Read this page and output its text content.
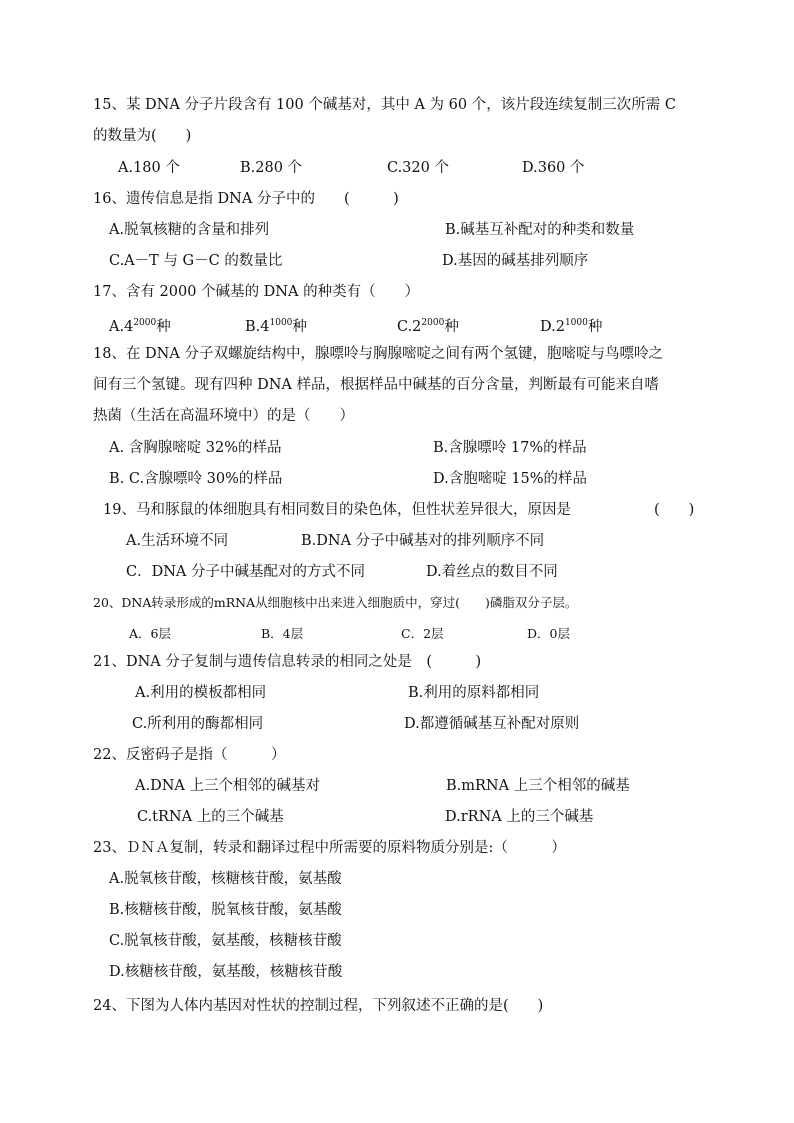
15、某 DNA 分子片段含有 100 个碱基对，其中 A 为 60 个，该片段连续复制三次所需 C
的数量为(　　)
A.180 个	B.280 个	C.320 个	D.360 个
16、遗传信息是指 DNA 分子中的　　(　　　)
A.脱氧核糖的含量和排列	B.碱基互补配对的种类和数量
C.A－T 与 G－C 的数量比	D.基因的碱基排列顺序
17、含有 2000 个碱基的 DNA 的种类有（　　）
$A.4^{2000}$种	$B.4^{1000}$种	$C.2^{2000}$种	$D.2^{1000}$种
18、在 DNA 分子双螺旋结构中，腺嘌呤与胸腺嘧啶之间有两个氢键，胞嘧啶与鸟嘌呤之
间有三个氢键。现有四种 DNA 样品，根据样品中碱基的百分含量，判断最有可能来自嗜
热菌（生活在高温环境中）的是（　　）
A. 含胸腺嘧啶 32%的样品	B.含腺嘌呤 17%的样品
B. C.含腺嘌呤 30%的样品	D.含胞嘧啶 15%的样品
19、马和豚鼠的体细胞具有相同数目的染色体，但性状差异很大，原因是	(　　)
A.生活环境不同	B.DNA 分子中碱基对的排列顺序不同
C．DNA 分子中碱基配对的方式不同	D.着丝点的数目不同
20、DNA转录形成的mRNA从细胞核中出来进入细胞质中，穿过(　　)磷脂双分子层。
A．6层	B．4层	C．2层	D．0层
21、DNA 分子复制与遗传信息转录的相同之处是　(　　　)
A.利用的模板都相同	B.利用的原料都相同
C.所利用的酶都相同	D.都遵循碱基互补配对原则
22、反密码子是指（　　　）
A.DNA 上三个相邻的碱基对	B.mRNA 上三个相邻的碱基
C.tRNA 上的三个碱基	D.rRNA 上的三个碱基
23、ＤＮＡ复制，转录和翻译过程中所需要的原料物质分别是:（　　　）
A.脱氧核苷酸，核糖核苷酸，氨基酸
B.核糖核苷酸，脱氧核苷酸，氨基酸
C.脱氧核苷酸，氨基酸，核糖核苷酸
D.核糖核苷酸，氨基酸，核糖核苷酸
24、下图为人体内基因对性状的控制过程，下列叙述不正确的是(　　)
